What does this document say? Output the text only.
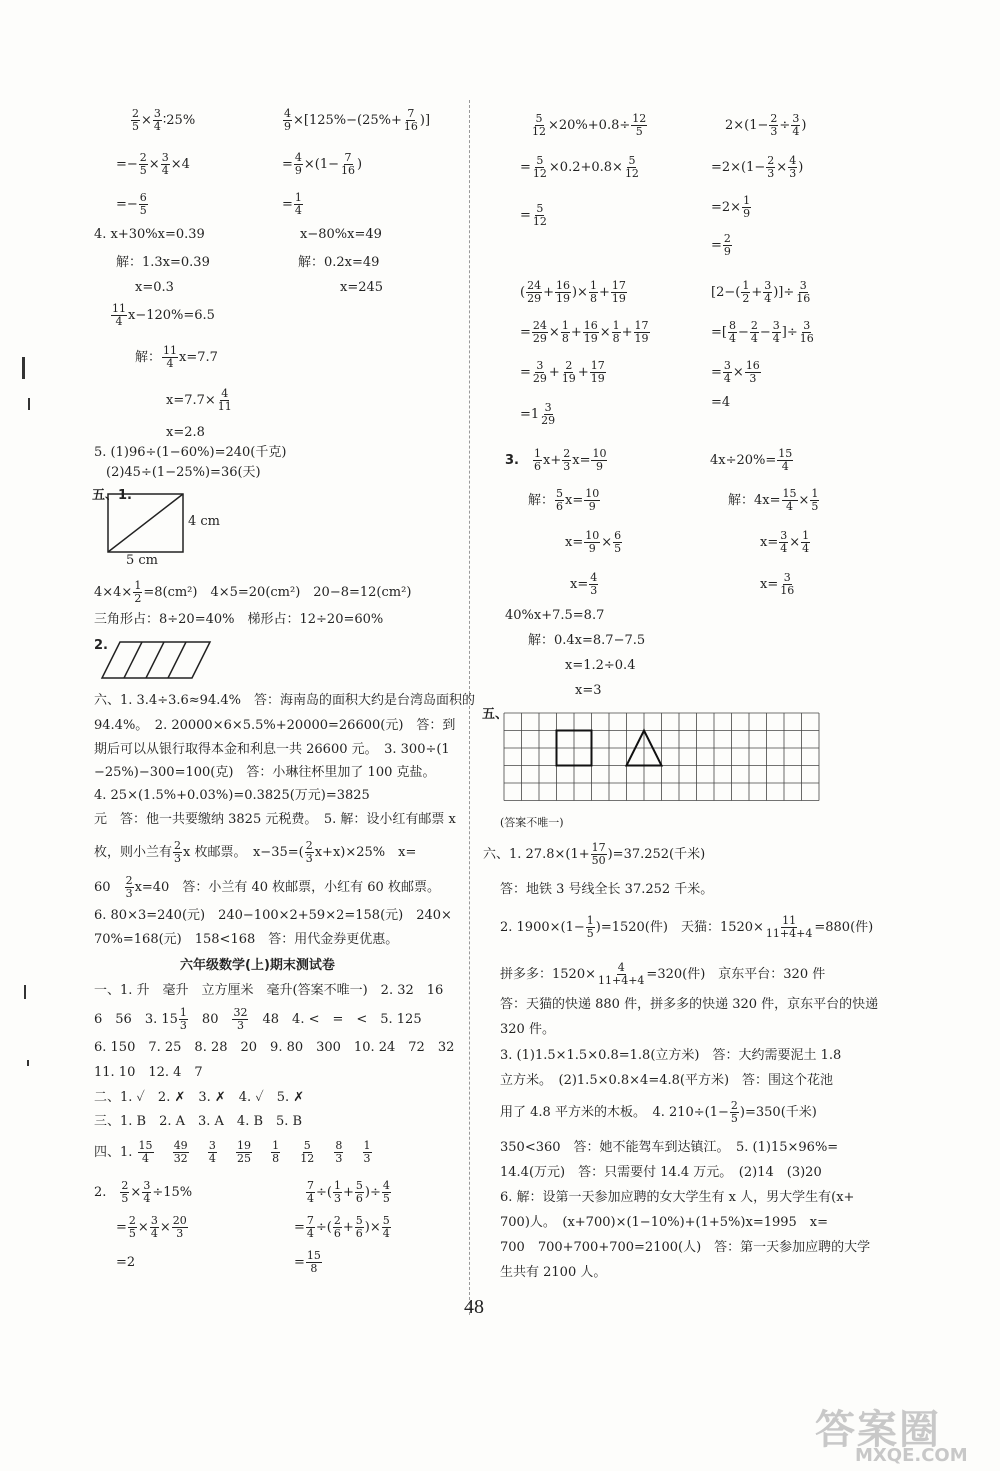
$\frac{2}{5} \times \frac{3}{4}$ ∶25%	$\frac{4}{9} \times[125\%-(25\%+ \frac{7}{16}$ )]
=− $\frac{2}{5} \times \frac{3}{4} \times 4$	= $\frac{4}{9} \times(1- \frac{7}{16}$ )
=− $\frac{6}{5}$	= $\frac{1}{4}$
4. x+30%x=0.39	x−80%x=49
解：1.3x=0.39	解：0.2x=49
x=0.3	x=245
$\frac{11}{4} x-120\%=6.5$
解： $\frac{11}{4} x=7.7$
$x=7.7\times \frac{4}{11}$
x=2.8
5. (1)96÷(1−60%)=240(千克)
(2)45÷(1−25%)=36(天)
五、1.
4 cm
5 cm
$4\times 4\times \frac{1}{2} =8(cm^2)$　4×5=20(cm²)　20−8=12(cm²)
三角形占：8÷20=40%　梯形占：12÷20=60%
2.
六、1. 3.4÷3.6≈94.4%　答：海南岛的面积大约是台湾岛面积的
94.4%。　2. 20000×6×5.5%+20000=26600(元)　答：到
期后可以从银行取得本金和利息一共 26600 元。　3. 300÷(1
−25%)−300=100(克)　答：小琳往杯里加了 100 克盐。
4. 25×(1.5%+0.03%)=0.3825(万元)=3825
元　答：他一共要缴纳 3825 元税费。　5. 解：设小红有邮票 x
枚，则小兰有 $\frac{2}{3}$ x 枚邮票。　$x-35=( \frac{2}{3} x+x)\times 25\%$　x=
60　 $\frac{2}{3} x=40$　答：小兰有 40 枚邮票，小红有 60 枚邮票。
6. 80×3=240(元)　240−100×2+59×2=158(元)　240×
70%=168(元)　158<168　答：用代金券更优惠。
六年级数学(上)期末测试卷
一、1. 升　毫升　立方厘米　毫升(答案不唯一)　2. 32　16
6　56　3. $15 \frac{1}{3}$
　 80　 $\frac{32}{3}$
　 48　4. <　=　<　5. 125
6. 150　7. 25　8. 28　20　9. 80　300　10. 24　72　32
11. 10　12. 4　7
二、1. ✓　2. ✗　3. ✗　4. ✓　5. ✗
三、1. B　2. A　3. A　4. B　5. B
四、1. $\frac{15}{4}$
　 $\frac{49}{32}$
　 $\frac{3}{4}$
　 $\frac{19}{25}$
　 $\frac{1}{8}$
　 $\frac{5}{12}$
　 $\frac{8}{3}$
　 $\frac{1}{3}$
2.　 $\frac{2}{5} \times \frac{3}{4} \div 15\%$	$\frac{7}{4}$ ÷( $\frac{1}{3} + \frac{5}{6}$ )÷ $\frac{4}{5}$
= $\frac{2}{5} \times \frac{3}{4} \times \frac{20}{3}$	= $\frac{7}{4}$ ÷( $\frac{2}{6} + \frac{5}{6}$ )× $\frac{5}{4}$
=2	= $\frac{15}{8}$
$\frac{5}{12} \times 20\%+0.8\div \frac{12}{5}$
= $\frac{5}{12} \times 0.2+0.8\times \frac{5}{12}$
= $\frac{5}{12}$
$2\times(1- \frac{2}{3} \div \frac{3}{4}$ )
$=2\times(1- \frac{2}{3} \times \frac{4}{3}$ )
$=2\times \frac{1}{9}$
= $\frac{2}{9}$
( $\frac{24}{29} + \frac{16}{19}$ )× $\frac{1}{8} + \frac{17}{19}$
= $\frac{24}{29} \times \frac{1}{8} + \frac{16}{19} \times \frac{1}{8} + \frac{17}{19}$
= $\frac{3}{29} + \frac{2}{19} + \frac{17}{19}$
$=1 \frac{3}{29}$
[$2-( \frac{1}{2} + \frac{3}{4}$ )]÷ $\frac{3}{16}$
=[ $\frac{8}{4} - \frac{2}{4} - \frac{3}{4}$ ]÷ $\frac{3}{16}$
= $\frac{3}{4} \times \frac{16}{3}$
=4
3.　 $\frac{1}{6} x+ \frac{2}{3} x= \frac{10}{9}$
解： $\frac{5}{6} x= \frac{10}{9}$
$x= \frac{10}{9} \times \frac{6}{5}$
$x= \frac{4}{3}$
$4x\div 20\%= \frac{15}{4}$
解：$4x= \frac{15}{4} \times \frac{1}{5}$
$x= \frac{3}{4} \times \frac{1}{4}$
$x= \frac{3}{16}$
40%x+7.5=8.7
解：0.4x=8.7−7.5
x=1.2÷0.4
x=3
五、
(答案不唯一)
六、1. $27.8\times(1+ \frac{17}{50} )=37.252$(千米)
答：地铁 3 号线全长 37.252 千米。
2. $1900\times(1- \frac{1}{5} )=1520$(件)　天猫：$1520\times \frac{11}{11+4+4} =880$(件)
拼多多：$1520\times \frac{4}{11+4+4} =320$(件)　京东平台：320 件
答：天猫的快递 880 件，拼多多的快递 320 件，京东平台的快递
320 件。
3. (1)1.5×1.5×0.8=1.8(立方米)　答：大约需要泥土 1.8
立方米。　(2)1.5×0.8×4=4.8(平方米)　答：围这个花池
用了 4.8 平方米的木板。　4. $210\div(1- \frac{2}{5} )=350$(千米)
350<360　答：她不能驾车到达镇江。　5. (1)15×96%=
14.4(万元)　答：只需要付 14.4 万元。　(2)14　(3)20
6. 解：设第一天参加应聘的女大学生有 x 人，男大学生有(x+
700)人。　(x+700)×(1−10%)+(1+5%)x=1995　x=
700　700+700+700=2100(人)　答：第一天参加应聘的大学
生共有 2100 人。
48
答案圈
MXQE.COM
